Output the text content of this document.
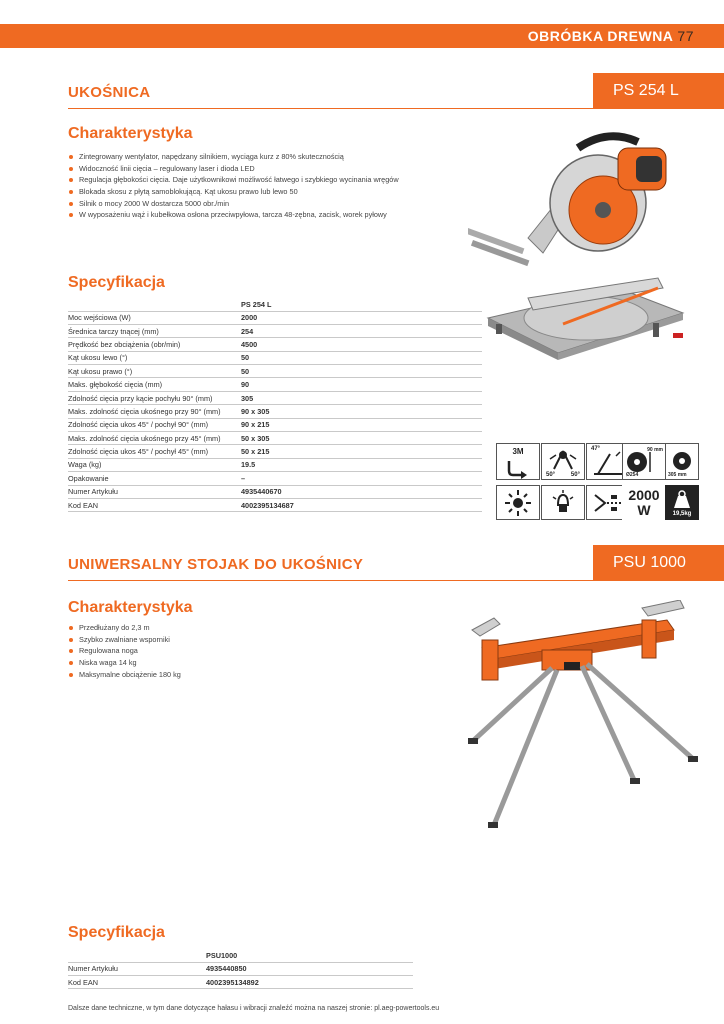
OBRÓBKA DREWNA 77
UKOŚNICA	PS 254 L
Charakterystyka
Zintegrowany wentylator, napędzany silnikiem, wyciąga kurz z 80% skutecznością
Widoczność linii cięcia – regulowany laser i dioda LED
Regulacja głębokości cięcia. Daje użytkownikowi możliwość łatwego i szybkiego wycinania wręgów
Blokada skosu z płytą samoblokującą. Kąt ukosu prawo lub lewo 50
Silnik o mocy 2000 W dostarcza 5000 obr./min
W wyposażeniu wąż i kubełkowa osłona przeciwpyłowa, tarcza 48-zębna, zacisk, worek pyłowy
Specyfikacja
	PS 254 L
Moc wejściowa (W)	2000
Średnica tarczy tnącej (mm)	254
Prędkość bez obciążenia (obr/min)	4500
Kąt ukosu lewo (°)	50
Kąt ukosu prawo (°)	50
Maks. głębokość cięcia (mm)	90
Zdolność cięcia przy kącie pochyłu 90° (mm)	305
Maks. zdolność cięcia ukośnego przy 90° (mm)	90 x 305
Zdolność cięcia ukos 45° / pochył 90° (mm)	90 x 215
Maks. zdolność cięcia ukośnego przy 45° (mm)	50 x 305
Zdolność cięcia ukos 45° / pochył 45° (mm)	50 x 215
Waga (kg)	19.5
Opakowanie	–
Numer Artykułu	4935440670
Kod EAN	4002395134687
3M
50°	50°
47°	90 mm
Ø254	305 mm
2000
W	19,5kg
UNIWERSALNY STOJAK DO UKOŚNICY	PSU 1000
Charakterystyka
Przedłużany do 2,3 m
Szybko zwalniane wsporniki
Regulowana noga
Niska waga 14 kg
Maksymalne obciążenie 180 kg
Specyfikacja
	PSU1000
Numer Artykułu	4935440850
Kod EAN	4002395134892
Dalsze dane techniczne, w tym dane dotyczące hałasu i wibracji znaleźć można na naszej stronie: pl.aeg-powertools.eu
